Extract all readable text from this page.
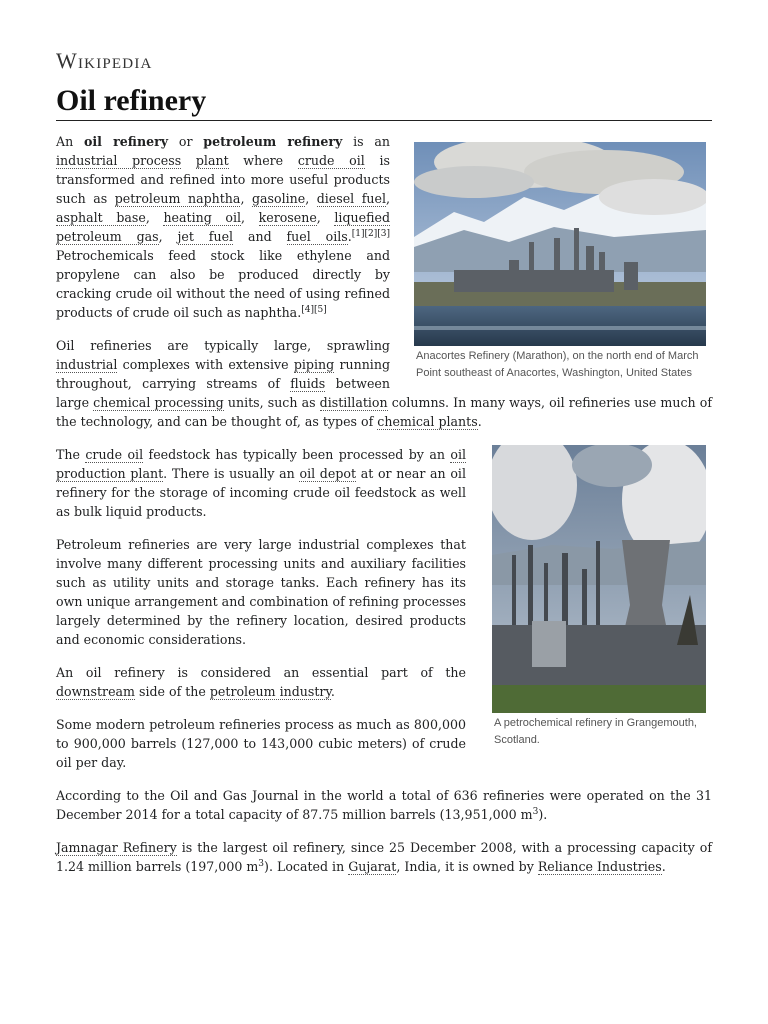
Wikipedia
Oil refinery
Anacortes Refinery (Marathon), on the north end of March Point southeast of Anacortes, Washington, United States

An oil refinery or petroleum refinery is an industrial process plant where crude oil is transformed and refined into more useful products such as petroleum naphtha, gasoline, diesel fuel, asphalt base, heating oil, kerosene, liquefied petroleum gas, jet fuel and fuel oils.[1][2][3] Petrochemicals feed stock like ethylene and propylene can also be produced directly by cracking crude oil without the need of using refined products of crude oil such as naphtha.[4][5]

Oil refineries are typically large, sprawling industrial complexes with extensive piping running throughout, carrying streams of fluids between large chemical processing units, such as distillation columns. In many ways, oil refineries use much of the technology, and can be thought of, as types of chemical plants.

A petrochemical refinery in Grangemouth, Scotland.

The crude oil feedstock has typically been processed by an oil production plant. There is usually an oil depot at or near an oil refinery for the storage of incoming crude oil feedstock as well as bulk liquid products.

Petroleum refineries are very large industrial complexes that involve many different processing units and auxiliary facilities such as utility units and storage tanks. Each refinery has its own unique arrangement and combination of refining processes largely determined by the refinery location, desired products and economic considerations.

An oil refinery is considered an essential part of the downstream side of the petroleum industry.

Some modern petroleum refineries process as much as 800,000 to 900,000 barrels (127,000 to 143,000 cubic meters) of crude oil per day.

According to the Oil and Gas Journal in the world a total of 636 refineries were operated on the 31 December 2014 for a total capacity of 87.75 million barrels (13,951,000 $m^3$).

Jamnagar Refinery is the largest oil refinery, since 25 December 2008, with a processing capacity of 1.24 million barrels (197,000 $m^3$). Located in Gujarat, India, it is owned by Reliance Industries.
